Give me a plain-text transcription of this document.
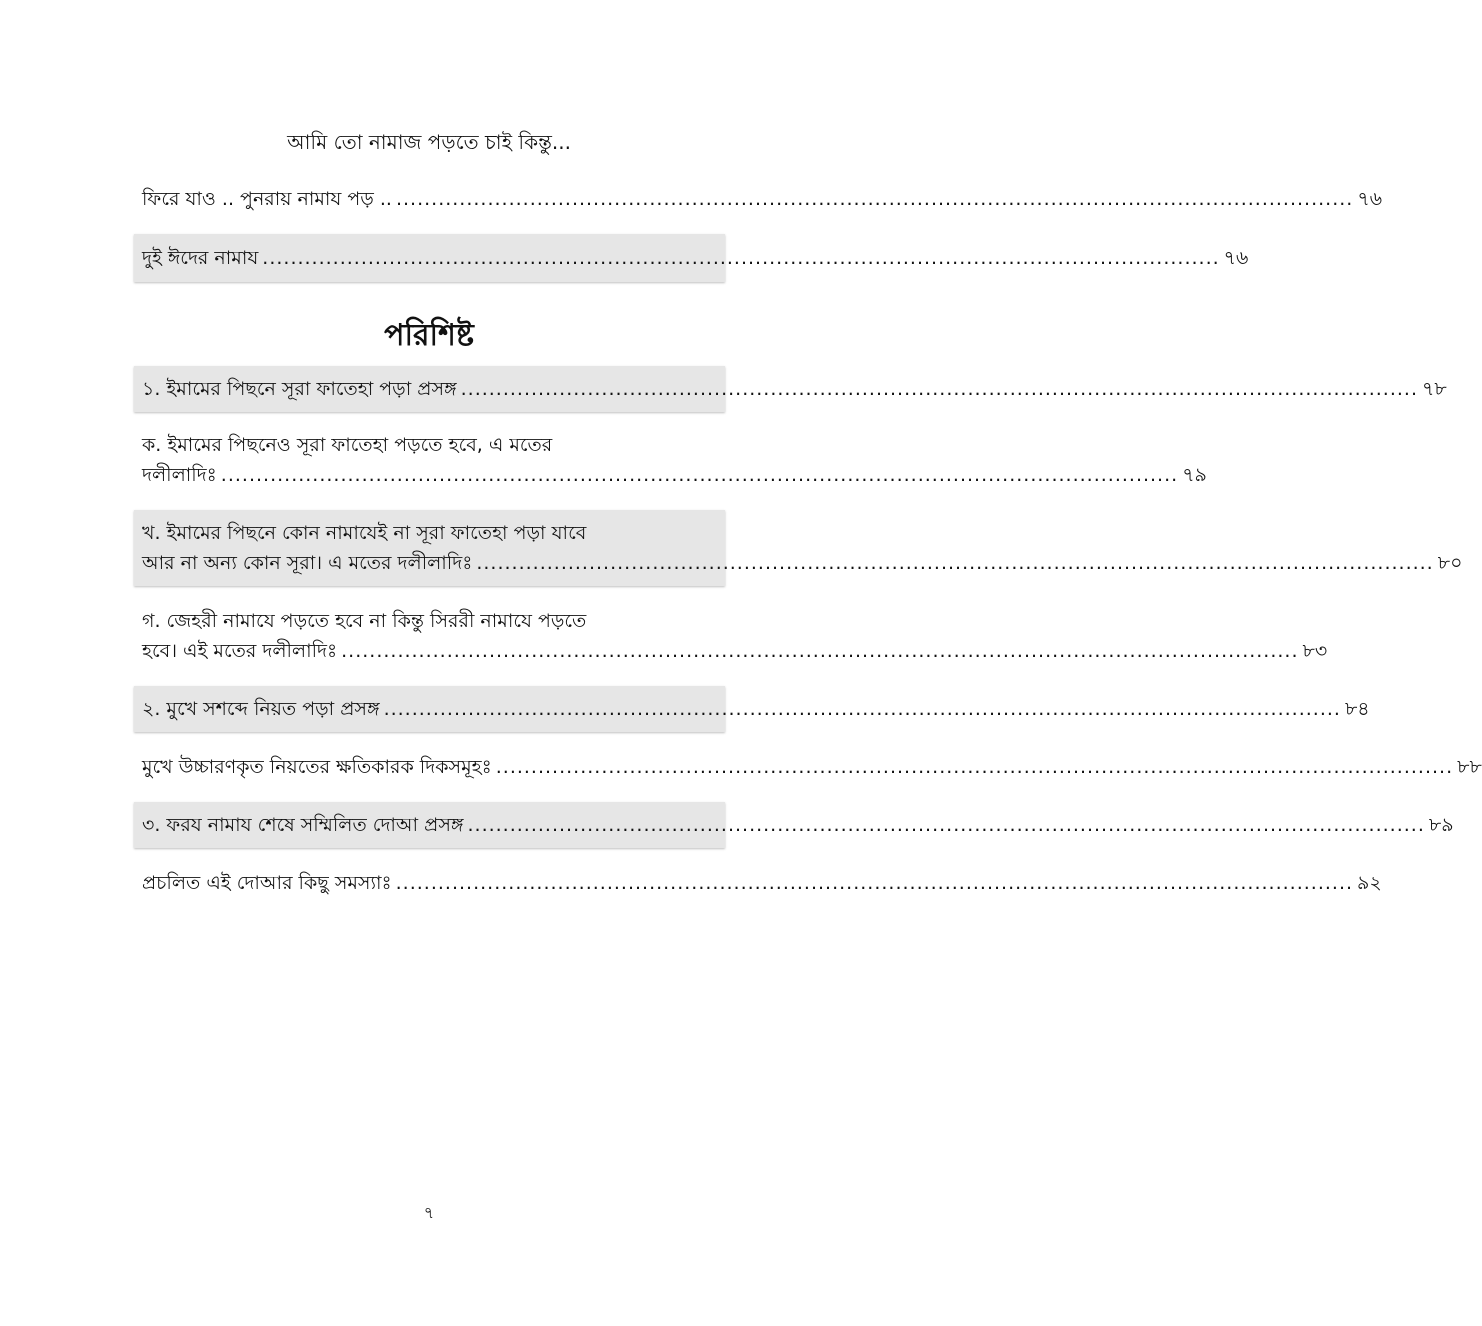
আমি তো নামাজ পড়তে চাই কিন্তু...
ফিরে যাও .. পুনরায় নামায পড় .. .....	৭৬
দুই ঈদের নামায .....	৭৬
পরিশিষ্ট
১. ইমামের পিছনে সূরা ফাতেহা পড়া প্রসঙ্গ .....	৭৮
ক. ইমামের পিছনেও সূরা ফাতেহা পড়তে হবে, এ মতের
দলীলাদিঃ .....	৭৯
খ. ইমামের পিছনে কোন নামাযেই না সূরা ফাতেহা পড়া যাবে
আর না অন্য কোন সূরা। এ মতের দলীলাদিঃ .....	৮০
গ. জেহরী নামাযে পড়তে হবে না কিন্তু সিররী নামাযে পড়তে
হবে। এই মতের দলীলাদিঃ .....	৮৩
২. মুখে সশব্দে নিয়ত পড়া প্রসঙ্গ .....	৮৪
মুখে উচ্চারণকৃত নিয়তের ক্ষতিকারক দিকসমূহঃ .....	৮৮
৩. ফরয নামায শেষে সম্মিলিত দোআ প্রসঙ্গ .....	৮৯
প্রচলিত এই দোআর কিছু সমস্যাঃ .....	৯২
৭
